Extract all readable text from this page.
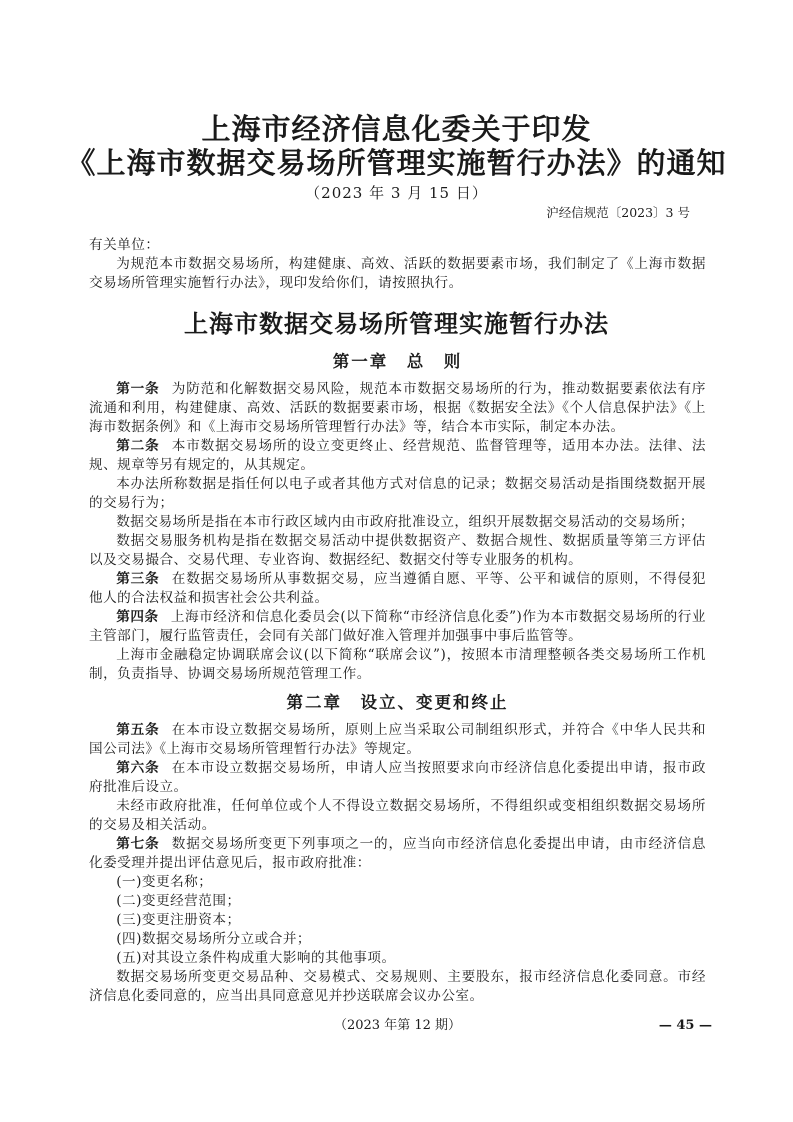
上海市经济信息化委关于印发
《上海市数据交易场所管理实施暂行办法》的通知
（2023 年 3 月 15 日）
沪经信规范〔2023〕3 号

有关单位：

为规范本市数据交易场所，构建健康、高效、活跃的数据要素市场，我们制定了《上海市数据交易场所管理实施暂行办法》，现印发给你们，请按照执行。

上海市数据交易场所管理实施暂行办法

第一章　总　则

第一条 为防范和化解数据交易风险，规范本市数据交易场所的行为，推动数据要素依法有序流通和利用，构建健康、高效、活跃的数据要素市场，根据《数据安全法》《个人信息保护法》《上海市数据条例》和《上海市交易场所管理暂行办法》等，结合本市实际，制定本办法。

第二条 本市数据交易场所的设立变更终止、经营规范、监督管理等，适用本办法。法律、法规、规章等另有规定的，从其规定。

本办法所称数据是指任何以电子或者其他方式对信息的记录；数据交易活动是指围绕数据开展的交易行为；

数据交易场所是指在本市行政区域内由市政府批准设立，组织开展数据交易活动的交易场所；

数据交易服务机构是指在数据交易活动中提供数据资产、数据合规性、数据质量等第三方评估以及交易撮合、交易代理、专业咨询、数据经纪、数据交付等专业服务的机构。

第三条 在数据交易场所从事数据交易，应当遵循自愿、平等、公平和诚信的原则，不得侵犯他人的合法权益和损害社会公共利益。

第四条 上海市经济和信息化委员会(以下简称“市经济信息化委”)作为本市数据交易场所的行业主管部门，履行监管责任，会同有关部门做好准入管理并加强事中事后监管等。

上海市金融稳定协调联席会议(以下简称“联席会议”)，按照本市清理整顿各类交易场所工作机制，负责指导、协调交易场所规范管理工作。

第二章　设立、变更和终止

第五条 在本市设立数据交易场所，原则上应当采取公司制组织形式，并符合《中华人民共和国公司法》《上海市交易场所管理暂行办法》等规定。

第六条 在本市设立数据交易场所，申请人应当按照要求向市经济信息化委提出申请，报市政府批准后设立。

未经市政府批准，任何单位或个人不得设立数据交易场所，不得组织或变相组织数据交易场所的交易及相关活动。

第七条 数据交易场所变更下列事项之一的，应当向市经济信息化委提出申请，由市经济信息化委受理并提出评估意见后，报市政府批准：

(一)变更名称；

(二)变更经营范围；

(三)变更注册资本；

(四)数据交易场所分立或合并；

(五)对其设立条件构成重大影响的其他事项。

数据交易场所变更交易品种、交易模式、交易规则、主要股东，报市经济信息化委同意。市经济信息化委同意的，应当出具同意意见并抄送联席会议办公室。

（2023 年第 12 期）	— 45 —
